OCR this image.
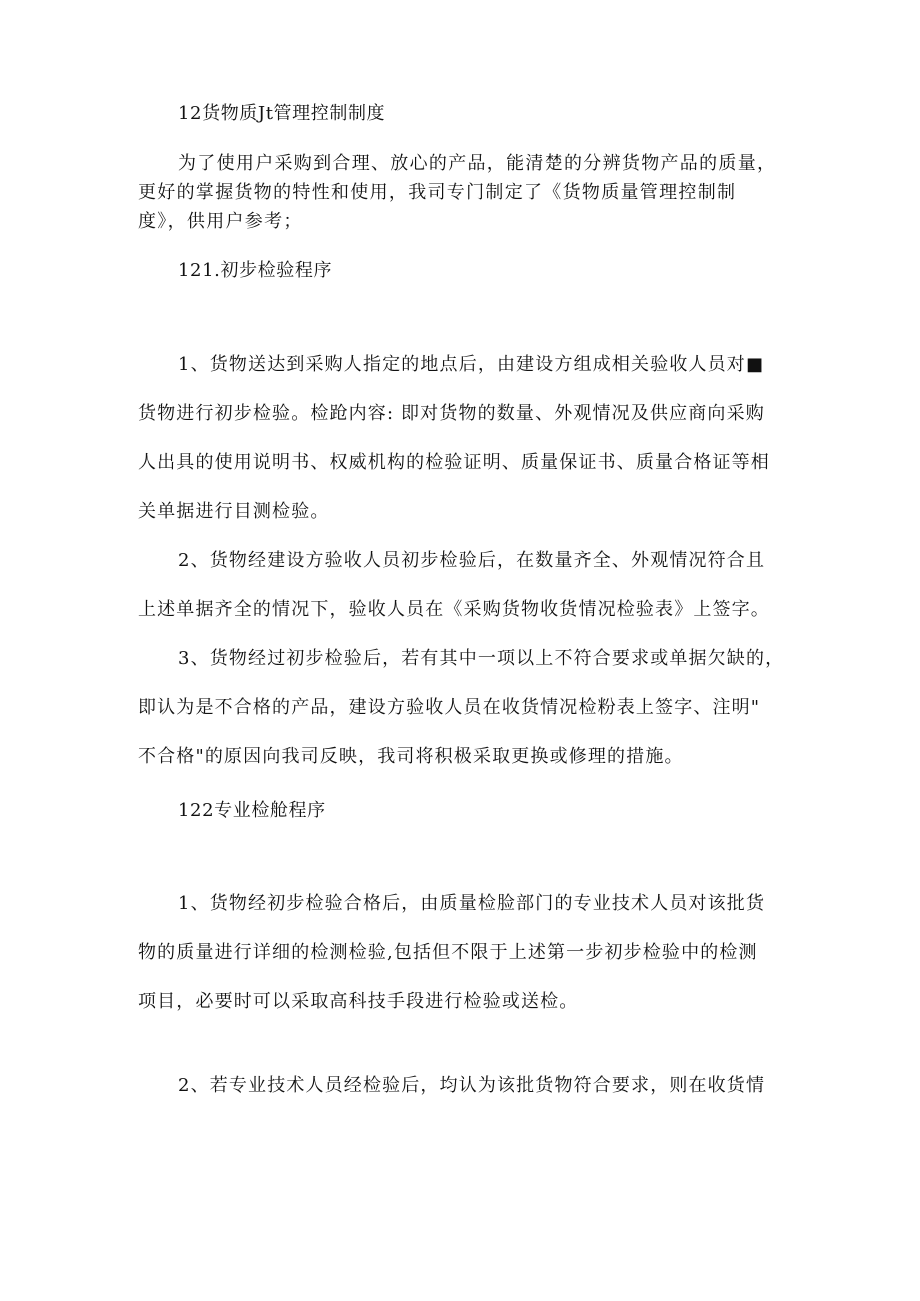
12货物质Jt管理控制制度
为了使用户采购到合理、放心的产品，能清楚的分辨货物产品的质量，
更好的掌握货物的特性和使用，我司专门制定了《货物质量管理控制制
度》，供用户参考；
121.初步检验程序
1、货物送达到采购人指定的地点后，由建设方组成相关验收人员对■
货物进行初步检验。检跄内容: 即对货物的数量、外观情况及供应商向采购
人出具的使用说明书、权威机构的检验证明、质量保证书、质量合格证等相
关单据进行目测检验。
2、货物经建设方验收人员初步检验后，在数量齐全、外观情况符合且
上述单据齐全的情况下，验收人员在《采购货物收货情况检验表》上签字。
3、货物经过初步检验后，若有其中一项以上不符合要求或单据欠缺的，
即认为是不合格的产品，建设方验收人员在收货情况检粉表上签字、注明"
不合格"的原因向我司反映，我司将积极采取更换或修理的措施。
122专业检舱程序
1、货物经初步检验合格后，由质量检脸部门的专业技术人员对该批货
物的质量进行详细的检测检验,包括但不限于上述第一步初步检验中的检测
项目，必要时可以采取高科技手段进行检验或送检。
2、若专业技术人员经检验后，均认为该批货物符合要求，则在收货情
